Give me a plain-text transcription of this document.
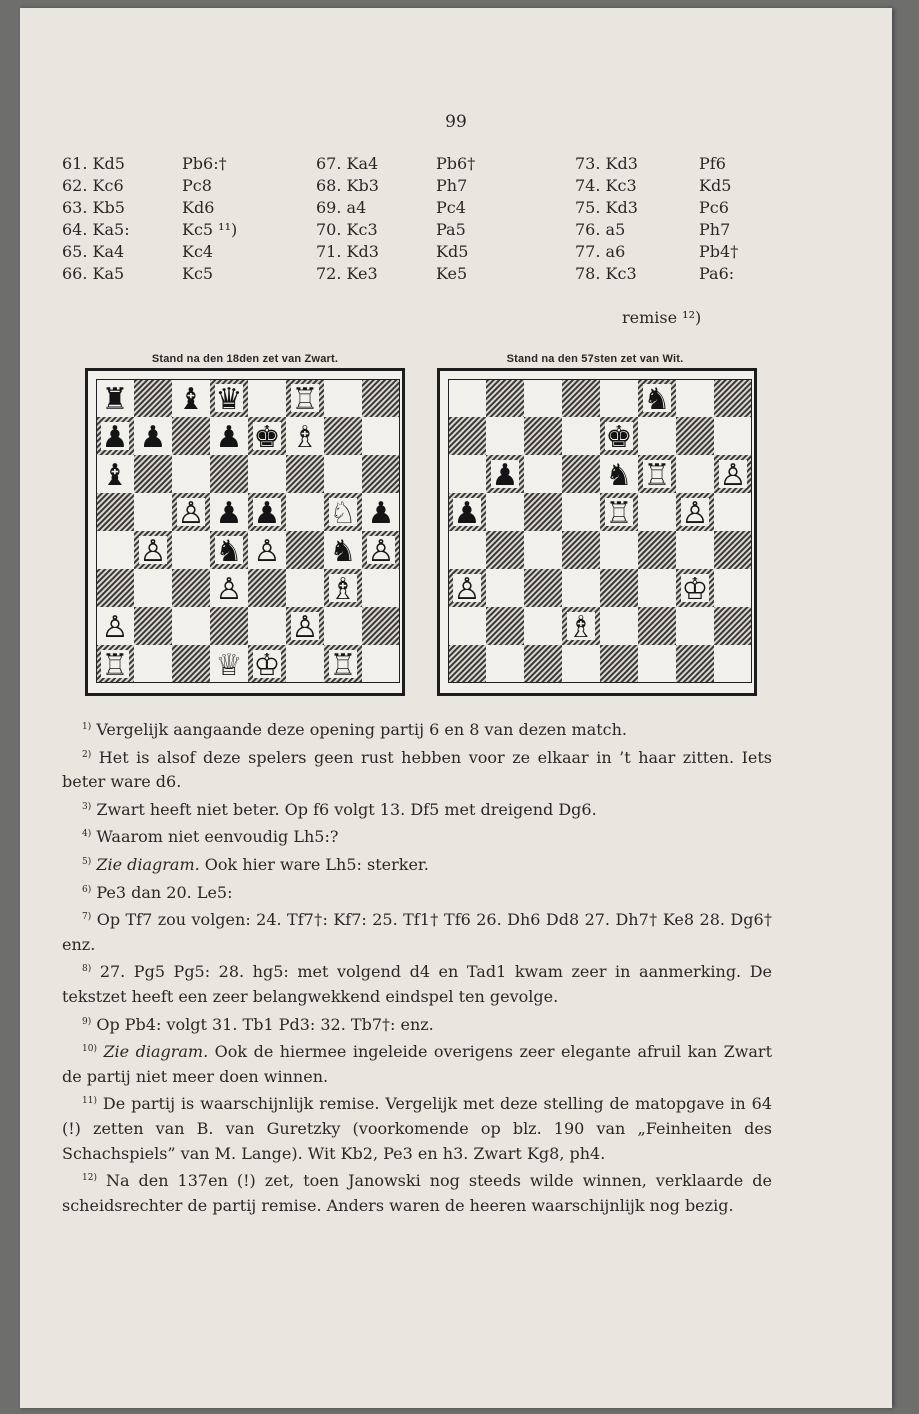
99
61. Kd5	Pb6:†
62. Kc6	Pc8
63. Kb5	Kd6
64. Ka5:	Kc5 ¹¹)
65. Ka4	Kc4
66. Ka5	Kc5
67. Ka4	Pb6†
68. Kb3	Ph7
69. a4	Pc4
70. Kc3	Pa5
71. Kd3	Kd5
72. Ke3	Ke5
73. Kd3	Pf6
74. Kc3	Kd5
75. Kd3	Pc6
76. a5	Ph7
77. a6	Pb4†
78. Kc3	Pa6:
remise ¹²)
Stand na den 18den zet van Zwart.	Stand na den 57sten zet van Wit.
♜ ♝ ♛ ♖
♟ ♟ ♟ ♚ ♗
♝
♙ ♟ ♟ ♘ ♟
♙ ♞ ♙ ♞ ♙
♙	♗
♙	♙
♖	♕ ♔ ♖
♞
♚
♟	♞ ♖ ♙
♟	♖ ♙
♙	♔
♗

$^{1)}$ Vergelijk aangaande deze opening partij 6 en 8 van dezen match.

$^{2)}$ Het is alsof deze spelers geen rust hebben voor ze elkaar in ’t haar zitten. Iets beter ware d6.

$^{3)}$ Zwart heeft niet beter. Op f6 volgt 13. Df5 met dreigend Dg6.

$^{4)}$ Waarom niet eenvoudig Lh5:?

$^{5)}$ Zie diagram. Ook hier ware Lh5: sterker.

$^{6)}$ Pe3 dan 20. Le5:

$^{7)}$ Op Tf7 zou volgen: 24. Tf7†: Kf7: 25. Tf1† Tf6 26. Dh6 Dd8 27. Dh7† Ke8 28. Dg6† enz.

$^{8)}$ 27. Pg5 Pg5: 28. hg5: met volgend d4 en Tad1 kwam zeer in aanmerking. De tekstzet heeft een zeer belangwekkend eindspel ten gevolge.

$^{9)}$ Op Pb4: volgt 31. Tb1 Pd3: 32. Tb7†: enz.

$^{10)}$ Zie diagram. Ook de hiermee ingeleide overigens zeer elegante afruil kan Zwart de partij niet meer doen winnen.

$^{11)}$ De partij is waarschijnlijk remise. Vergelijk met deze stelling de matopgave in 64 (!) zetten van B. van Guretzky (voorkomende op blz. 190 van „Feinheiten des Schachspiels” van M. Lange). Wit Kb2, Pe3 en h3. Zwart Kg8, ph4.

$^{12)}$ Na den 137en (!) zet, toen Janowski nog steeds wilde winnen, verklaarde de scheidsrechter de partij remise. Anders waren de heeren waarschijnlijk nog bezig.
